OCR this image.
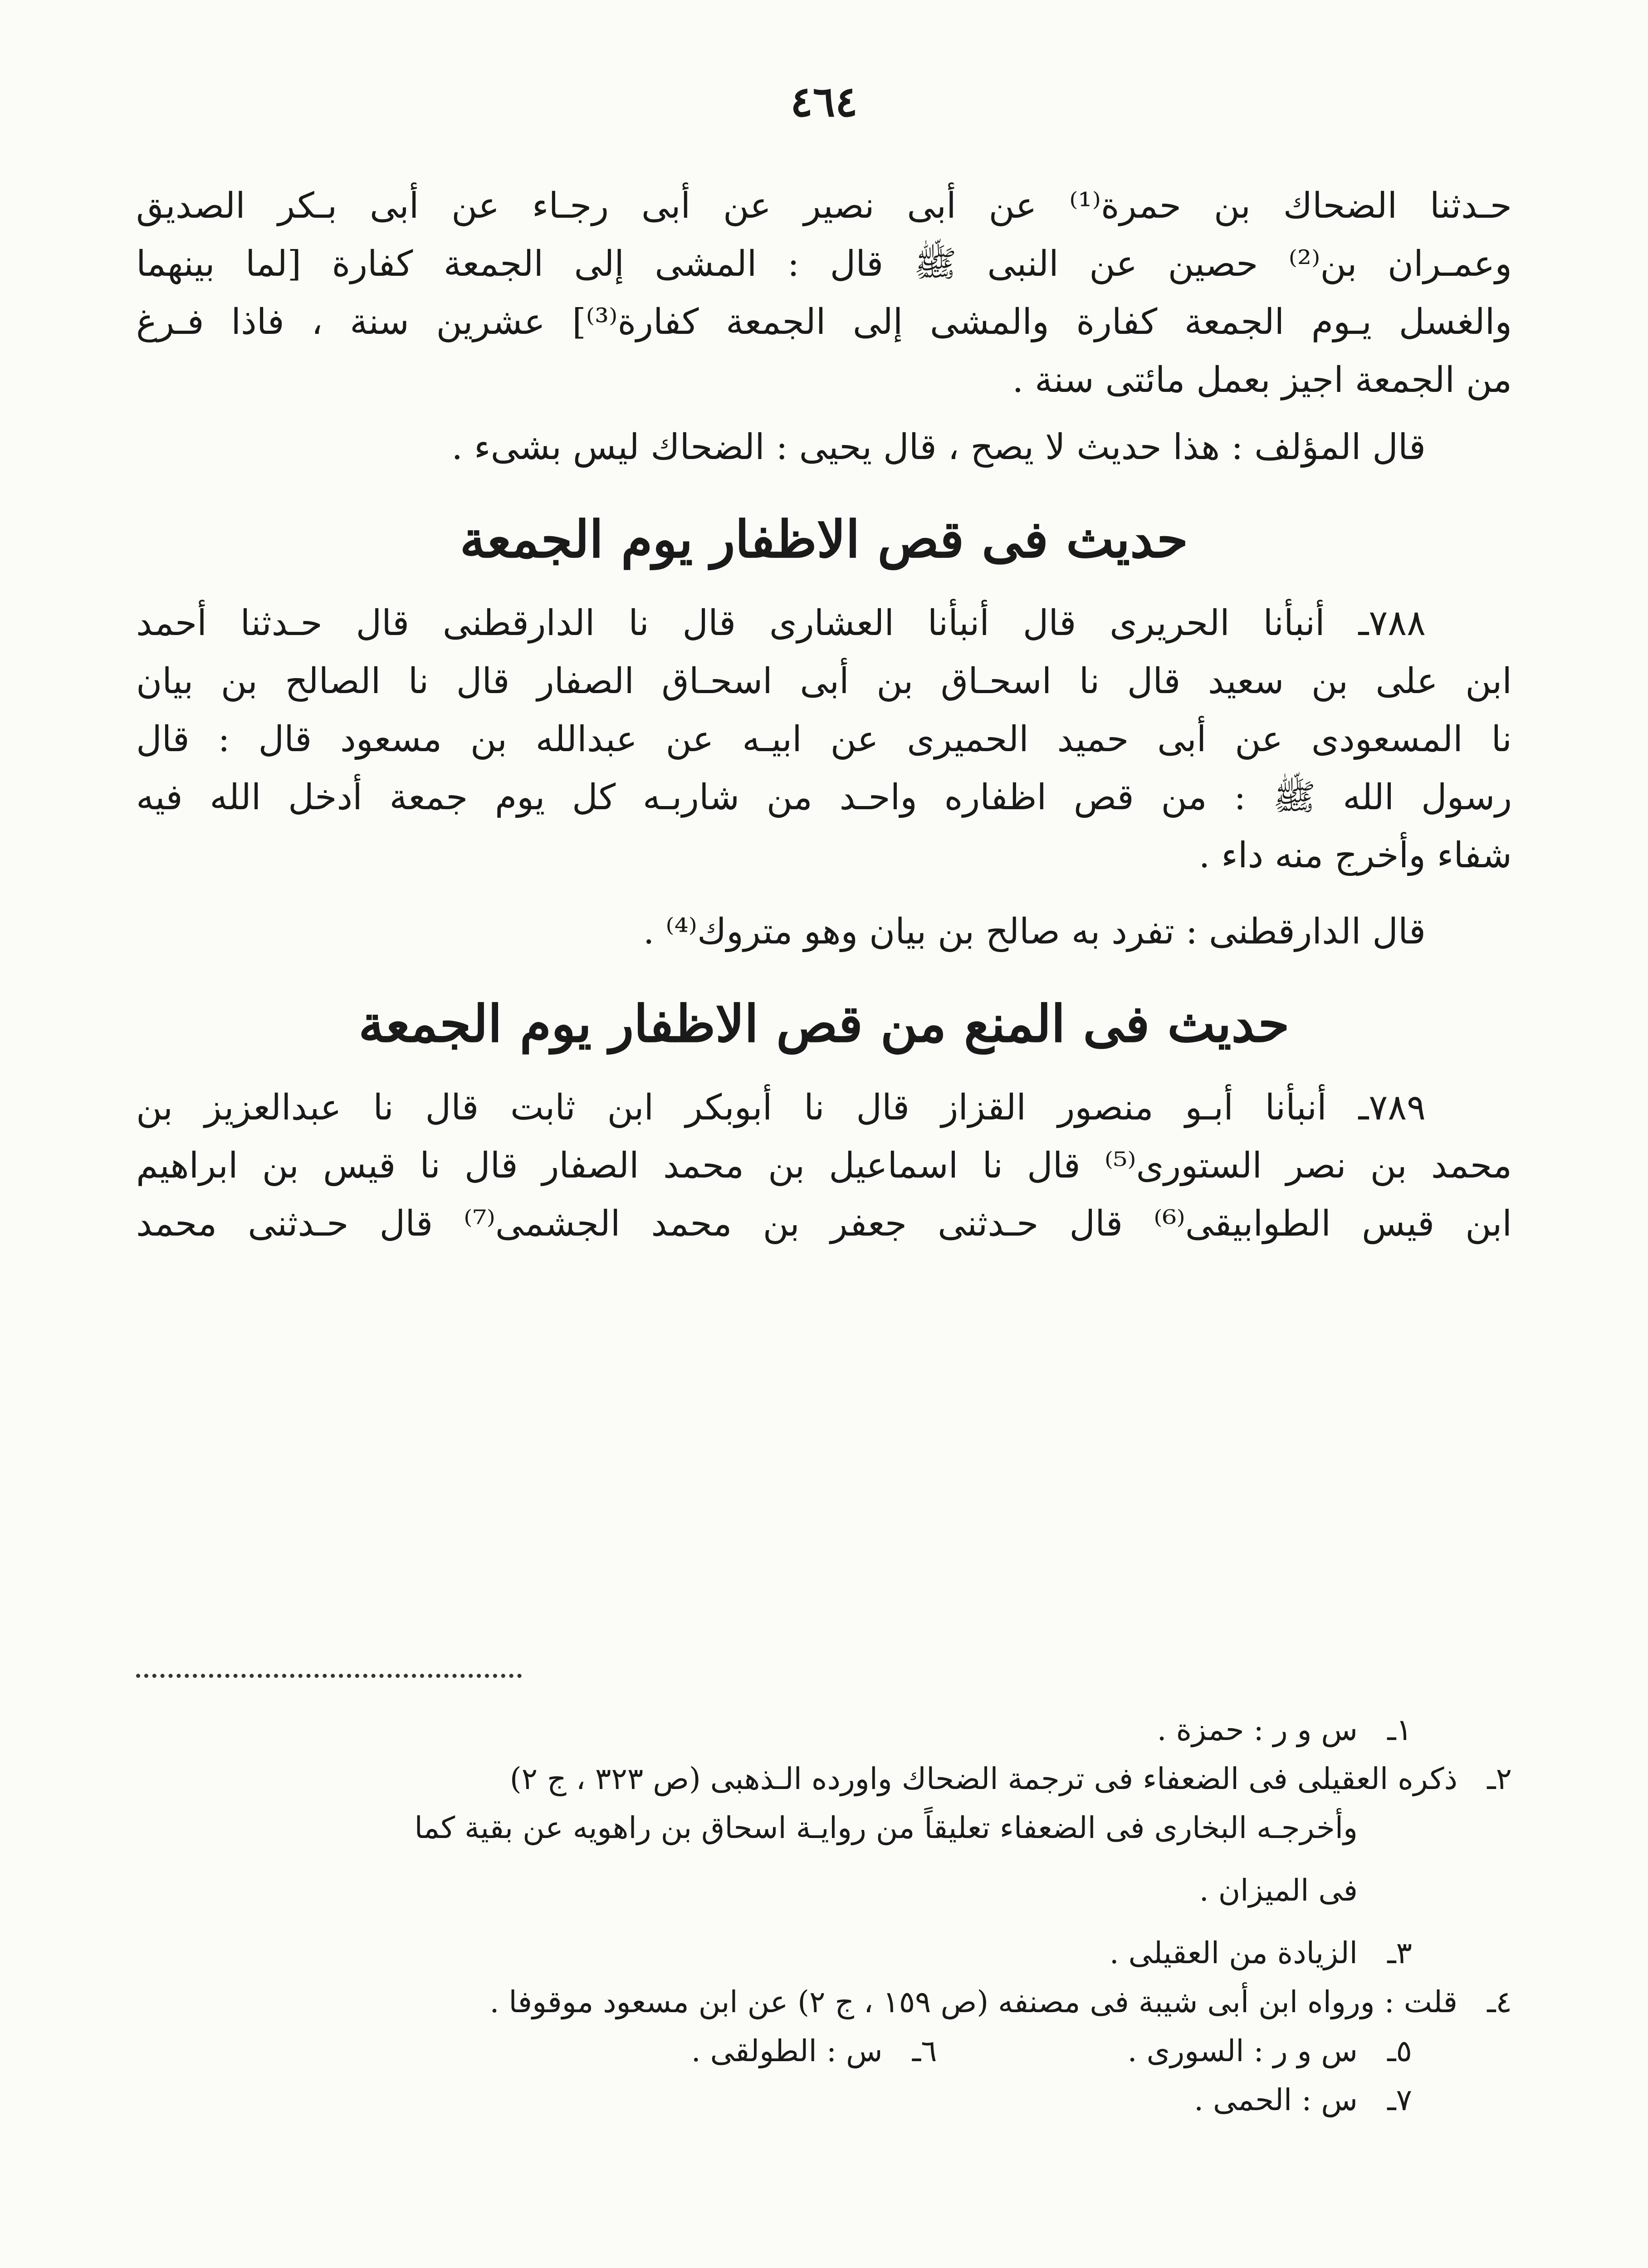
٤٦٤
حـدثنا الضحاك بن حمرة⁽¹⁾ عن أبى نصير عن أبى رجـاء عن أبى بـكر الصديق
وعمـران بن⁽²⁾ حصين عن النبى ﷺ قال : المشى إلى الجمعة كفارة [لما بينهما
والغسل يـوم الجمعة كفارة والمشى إلى الجمعة كفارة⁽³⁾] عشرين سنة ، فاذا فـرغ
من الجمعة اجيز بعمل مائتى سنة .
قال المؤلف : هذا حديث لا يصح ، قال يحيى : الضحاك ليس بشىء .
حديث فى قص الاظفار يوم الجمعة
٧٨٨ـ أنبأنا الحريرى قال أنبأنا العشارى قال نا الدارقطنى قال حـدثنا أحمد
ابن على بن سعيد قال نا اسحـاق بن أبى اسحـاق الصفار قال نا الصالح بن بيان
نا المسعودى عن أبى حميد الحميرى عن ابيـه عن عبدالله بن مسعود قال : قال
رسول الله ﷺ : من قص اظفاره واحـد من شاربـه كل يوم جمعة أدخل الله فيه
شفاء وأخرج منه داء .
قال الدارقطنى : تفرد به صالح بن بيان وهو متروك⁽⁴⁾ .
حديث فى المنع من قص الاظفار يوم الجمعة
٧٨٩ـ أنبأنا أبـو منصور القزاز قال نا أبوبكر ابن ثابت قال نا عبدالعزيز بن
محمد بن نصر الستورى⁽⁵⁾ قال نا اسماعيل بن محمد الصفار قال نا قيس بن ابراهيم
ابن قيس الطوابيقى⁽⁶⁾ قال حـدثنى جعفر بن محمد الجشمى⁽⁷⁾ قال حـدثنى محمد
١ـس و ر : حمزة .
٢ـذكره العقيلى فى الضعفاء فى ترجمة الضحاك واورده الـذهبى (ص ٣٢٣ ، ج ٢)
وأخرجـه البخارى فى الضعفاء تعليقاً من روايـة اسحاق بن راهويه عن بقية كما
فى الميزان .
٣ـالزيادة من العقيلى .
٤ـقلت : ورواه ابن أبى شيبة فى مصنفه (ص ١٥٩ ، ج ٢) عن ابن مسعود موقوفا .
٥ـس و ر : السورى .
٦ـس : الطولقى .
٧ـس : الحمى .
